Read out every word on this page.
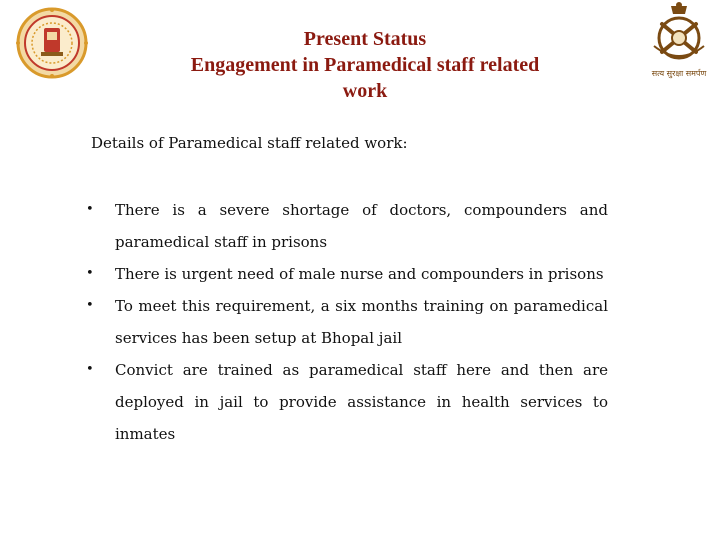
सत्य सुरक्षा समर्पण
Present Status
Engagement in Paramedical staff related
work
Details of Paramedical staff related work:
• There is a severe shortage of doctors, compounders and paramedical staff in prisons
• There is urgent need of male nurse and compounders in prisons
• To meet this requirement, a six months training on paramedical services has been setup at Bhopal jail
• Convict are trained as paramedical staff here and then are deployed in jail to provide assistance in health services to inmates
